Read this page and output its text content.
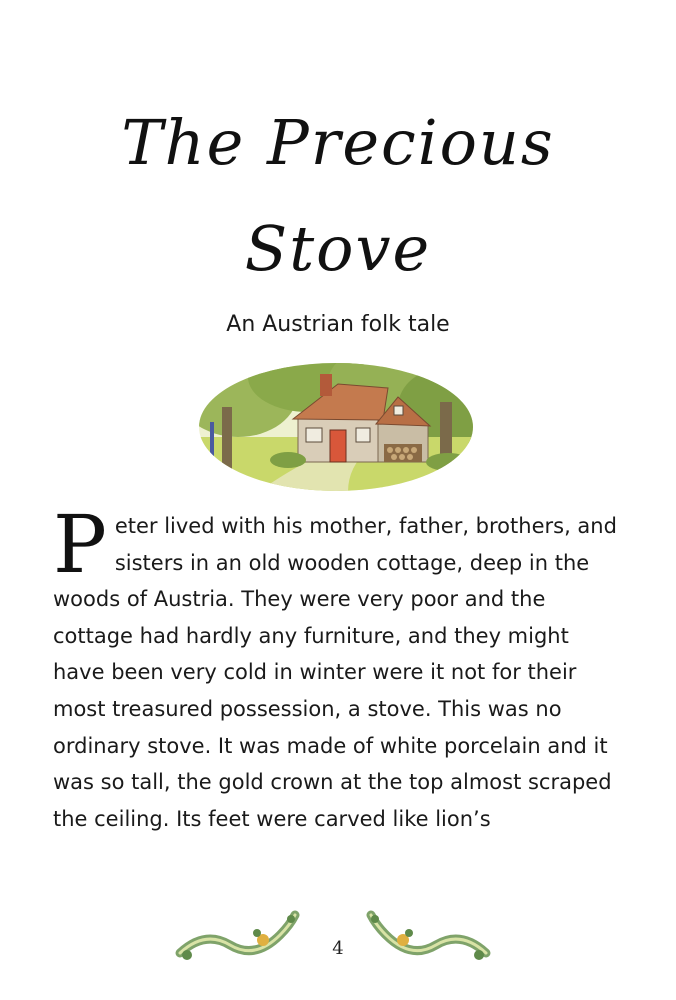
The Precious
Stove

An Austrian folk tale

Peter lived with his mother, father, brothers, and sisters in an old wooden cottage, deep in the woods of Austria. They were very poor and the cottage had hardly any furniture, and they might have been very cold in winter were it not for their most treasured possession, a stove. This was no ordinary stove. It was made of white porcelain and it was so tall, the gold crown at the top almost scraped the ceiling. Its feet were carved like lion’s

4
